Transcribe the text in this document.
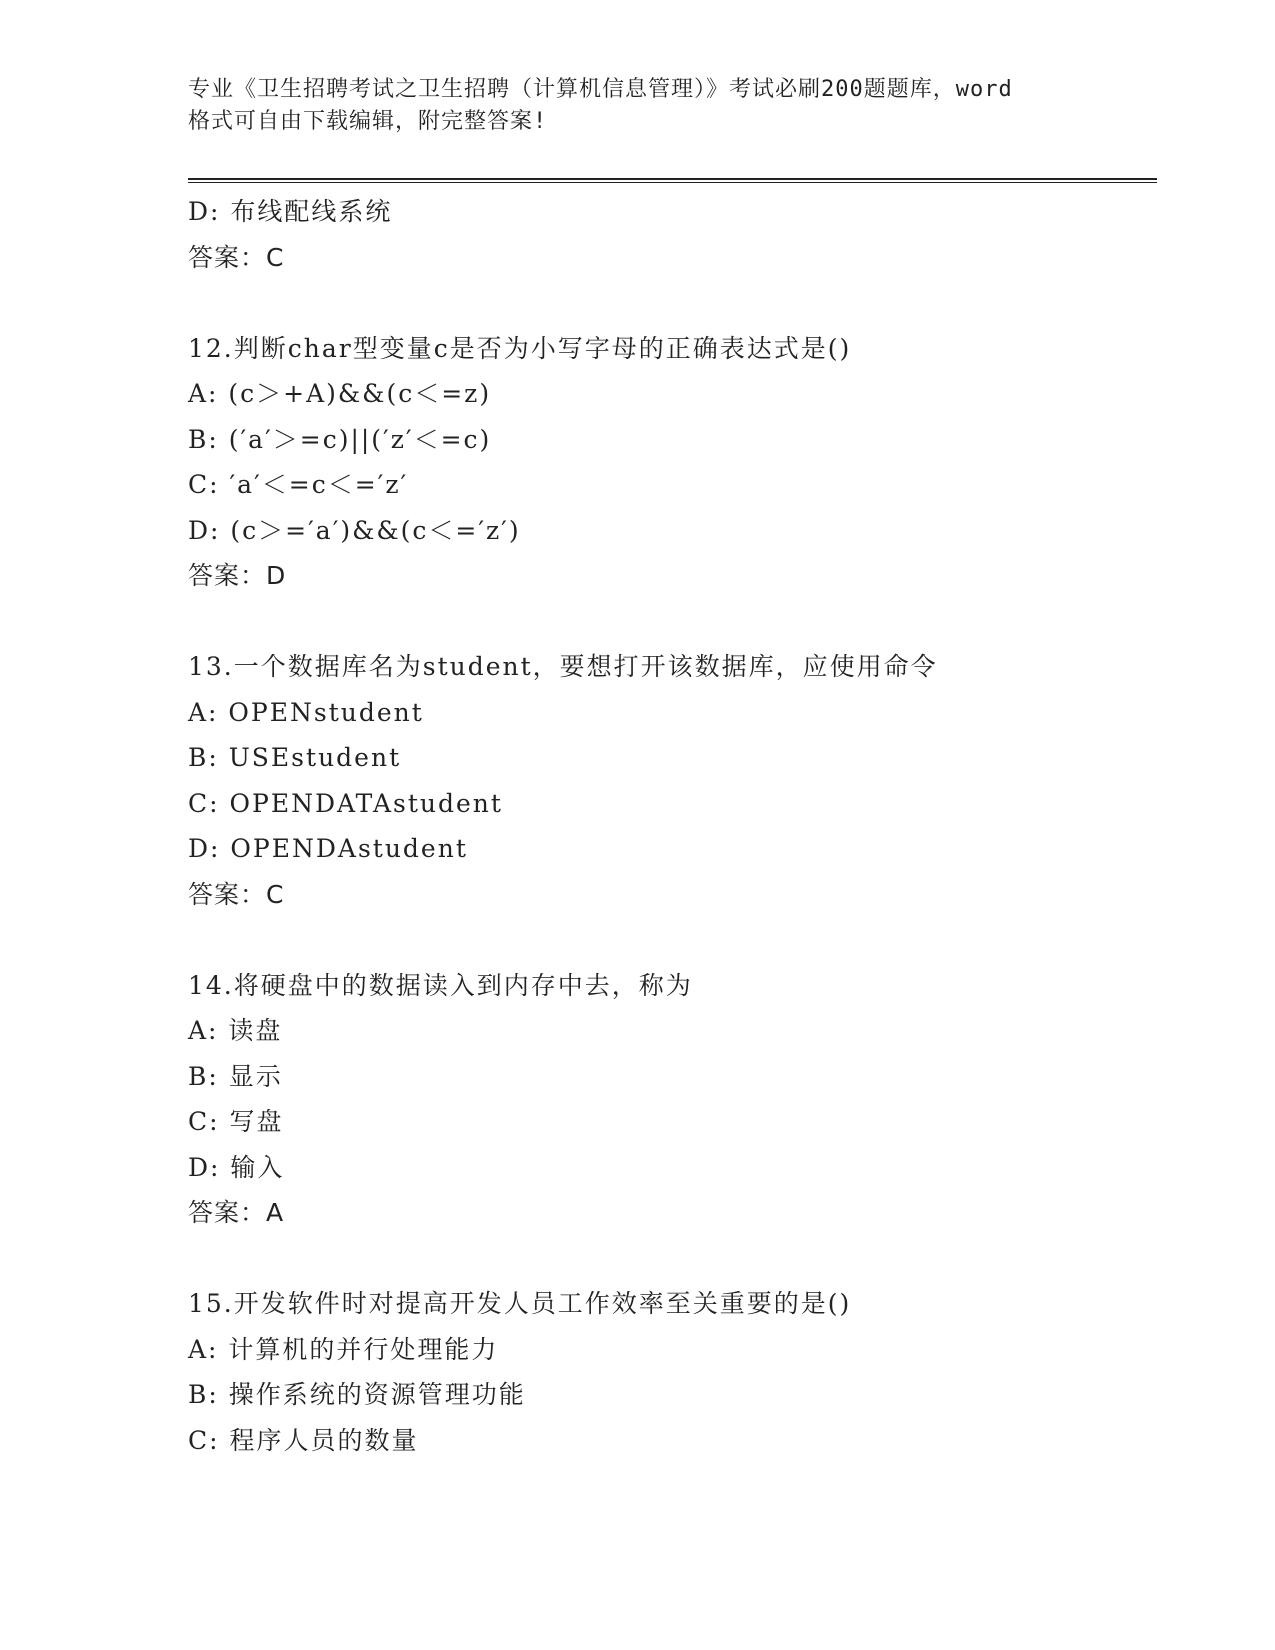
专业《卫生招聘考试之卫生招聘（计算机信息管理）》考试必刷200题题库，word
格式可自由下载编辑，附完整答案!
D: 布线配线系统
答案：C
12.判断char型变量c是否为小写字母的正确表达式是()
A: (c＞+A)&&(c＜=z)
B: (′a′＞=c)||(′z′＜=c)
C: ′a′＜=c＜=′z′
D: (c＞=′a′)&&(c＜=′z′)
答案：D
13.一个数据库名为student，要想打开该数据库，应使用命令
A: OPENstudent
B: USEstudent
C: OPENDATAstudent
D: OPENDAstudent
答案：C
14.将硬盘中的数据读入到内存中去，称为
A: 读盘
B: 显示
C: 写盘
D: 输入
答案：A
15.开发软件时对提高开发人员工作效率至关重要的是()
A: 计算机的并行处理能力
B: 操作系统的资源管理功能
C: 程序人员的数量
